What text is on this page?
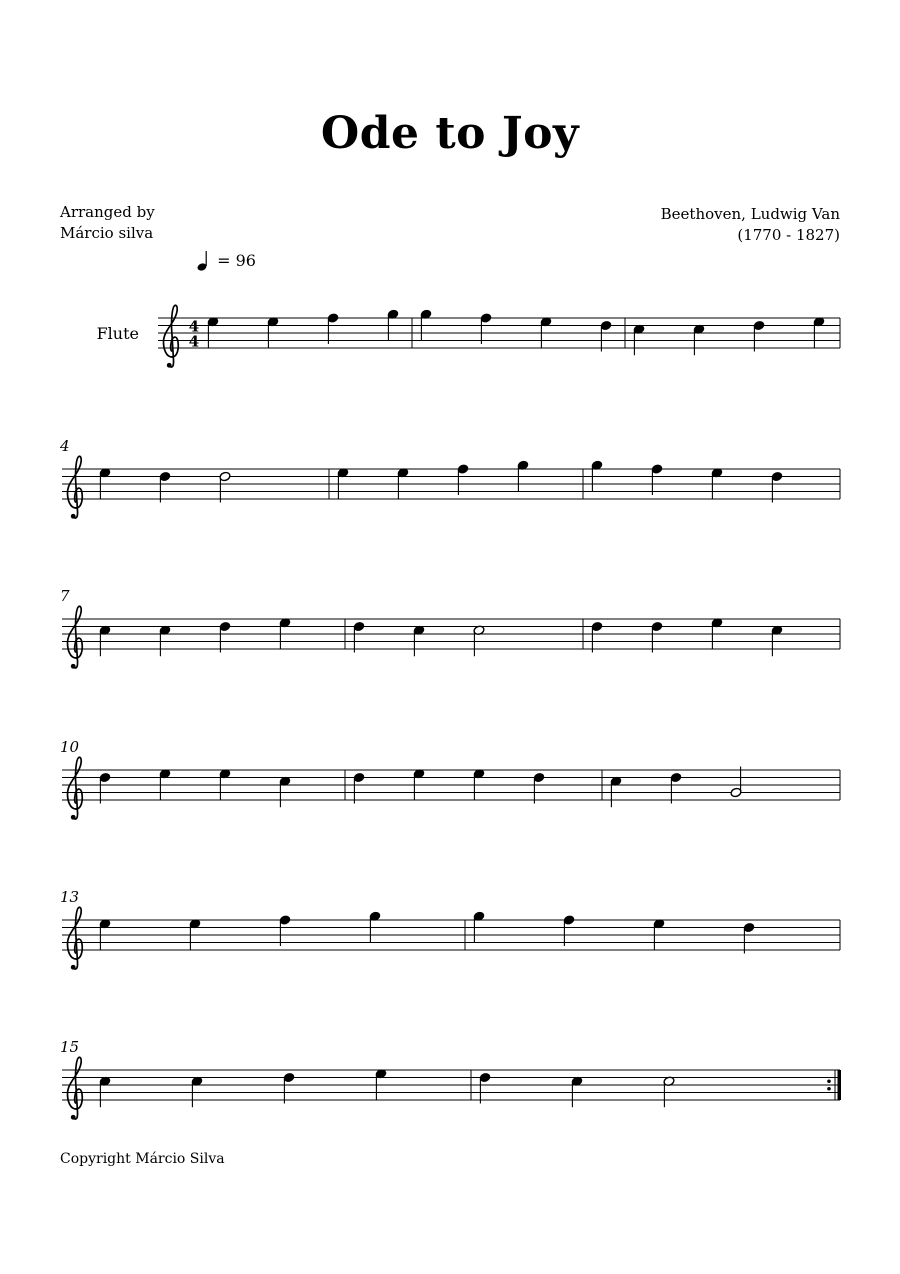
Ode to Joy
Arranged by
Márcio silva
Beethoven, Ludwig Van
(1770 - 1827)
= 96
Flute	4
4
4
7
10
13
15
Copyright Márcio Silva
